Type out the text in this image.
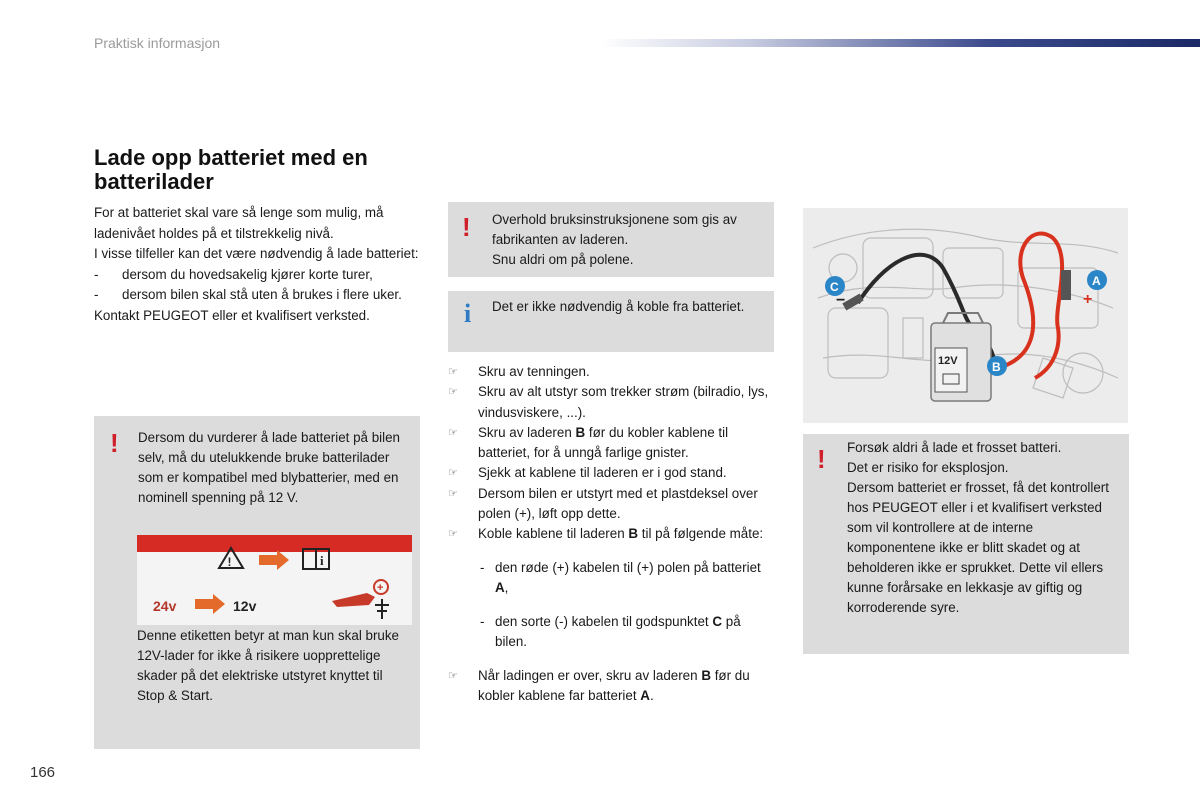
Praktisk informasjon
Lade opp batteriet med en batterilader

For at batteriet skal vare så lenge som mulig, må ladenivået holdes på et tilstrekkelig nivå.

I visse tilfeller kan det være nødvendig å lade batteriet:

- dersom du hovedsakelig kjører korte turer,

- dersom bilen skal stå uten å brukes i flere uker.

Kontakt PEUGEOT eller et kvalifisert verksted.

! Dersom du vurderer å lade batteriet på bilen selv, må du utelukkende bruke batterilader som er kompatibel med blybatterier, med en nominell spenning på 12 V.
!	i
24v	12v
+
Denne etiketten betyr at man kun skal bruke 12V-lader for ikke å risikere uopprettelige skader på det elektriske utstyret knyttet til Stop & Start.
! Overhold bruksinstruksjonene som gis av fabrikanten av laderen.

Snu aldri om på polene.

i Det er ikke nødvendig å koble fra batteriet.

☞ Skru av tenningen.

☞ Skru av alt utstyr som trekker strøm (bilradio, lys, vindusviskere, ...).

☞ Skru av laderen B før du kobler kablene til batteriet, for å unngå farlige gnister.

☞ Sjekk at kablene til laderen er i god stand.

☞ Dersom bilen er utstyrt med et plastdeksel over polen (+), løft opp dette.

☞ Koble kablene til laderen B til på følgende måte:

- den røde (+) kabelen til (+) polen på batteriet A,

- den sorte (-) kabelen til godspunktet C på bilen.

☞ Når ladingen er over, skru av laderen B før du kobler kablene far batteriet A.

12V
C
−
A
+
B
! Forsøk aldri å lade et frosset batteri.

Det er risiko for eksplosjon.

Dersom batteriet er frosset, få det kontrollert hos PEUGEOT eller i et kvalifisert verksted som vil kontrollere at de interne komponentene ikke er blitt skadet og at beholderen ikke er sprukket. Dette vil ellers kunne forårsake en lekkasje av giftig og korroderende syre.

166
